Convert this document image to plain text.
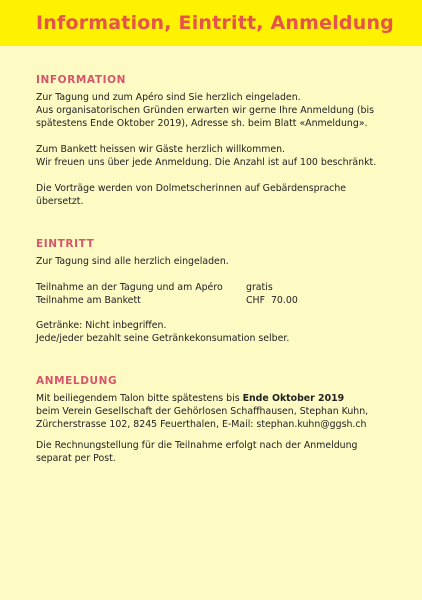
Information, Eintritt, Anmeldung
INFORMATION

Zur Tagung und zum Apéro sind Sie herzlich eingeladen.
Aus organisatorischen Gründen erwarten wir gerne Ihre Anmeldung (bis
spätestens Ende Oktober 2019), Adresse sh. beim Blatt «Anmeldung».

Zum Bankett heissen wir Gäste herzlich willkommen.
Wir freuen uns über jede Anmeldung. Die Anzahl ist auf 100 beschränkt.

Die Vorträge werden von Dolmetscherinnen auf Gebärdensprache
übersetzt.

EINTRITT

Zur Tagung sind alle herzlich eingeladen.

Teilnahme an der Tagung und am Apéro	gratis
Teilnahme am Bankett	CHF  70.00

Getränke: Nicht inbegriffen.
Jede/jeder bezahlt seine Getränkekonsumation selber.

ANMELDUNG

Mit beiliegendem Talon bitte spätestens bis Ende Oktober 2019
beim Verein Gesellschaft der Gehörlosen Schaffhausen, Stephan Kuhn,
Zürcherstrasse 102, 8245 Feuerthalen, E-Mail: stephan.kuhn@ggsh.ch

Die Rechnungstellung für die Teilnahme erfolgt nach der Anmeldung
separat per Post.
